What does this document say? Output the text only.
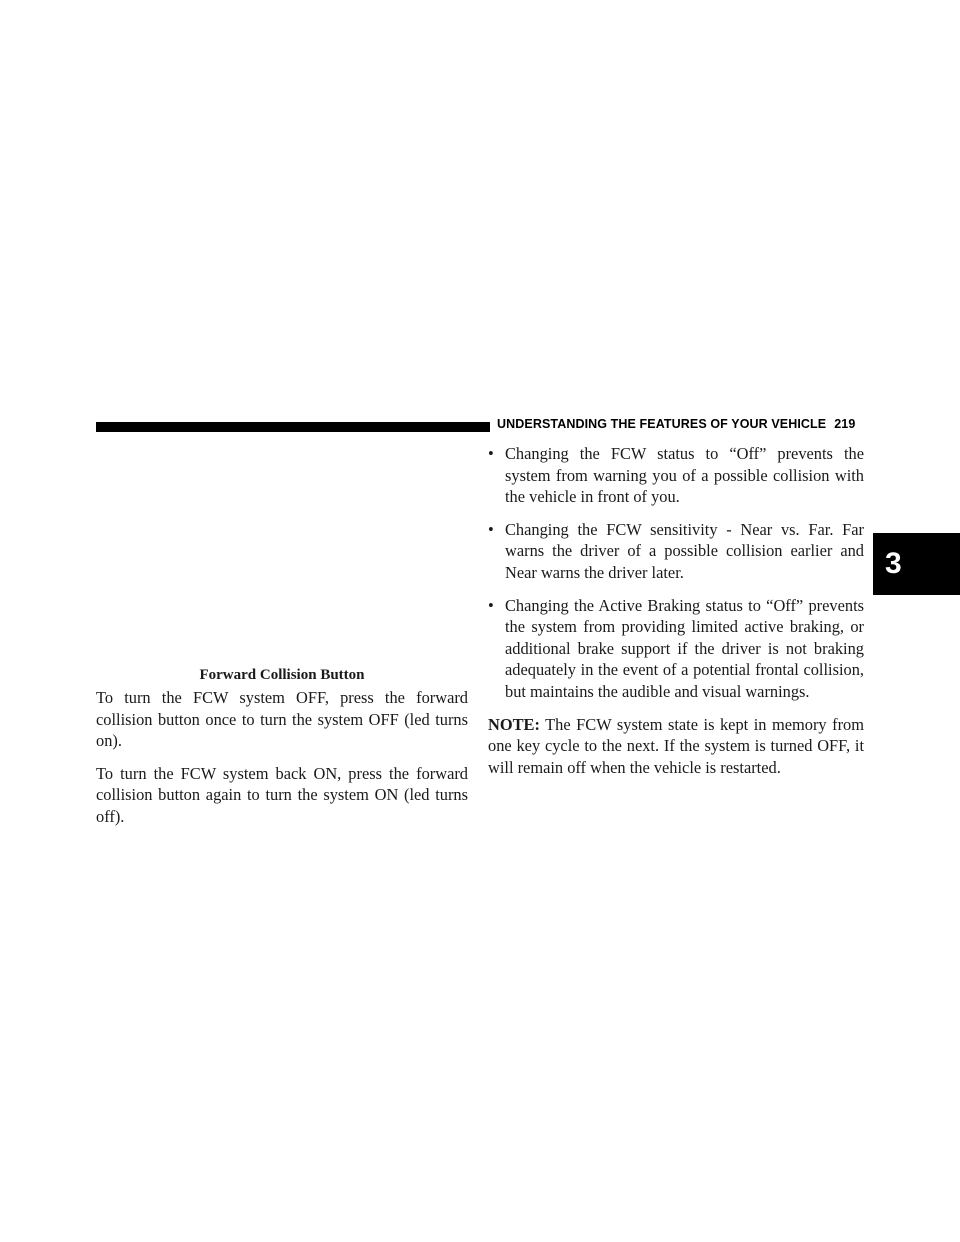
UNDERSTANDING THE FEATURES OF YOUR VEHICLE 219
3
Forward Collision Button

To turn the FCW system OFF, press the forward collision button once to turn the system OFF (led turns on).

To turn the FCW system back ON, press the forward collision button again to turn the system ON (led turns off).

• Changing the FCW status to “Off” prevents the system from warning you of a possible collision with the vehicle in front of you.

• Changing the FCW sensitivity - Near vs. Far. Far warns the driver of a possible collision earlier and Near warns the driver later.

• Changing the Active Braking status to “Off” prevents the system from providing limited active braking, or additional brake support if the driver is not braking adequately in the event of a potential frontal collision, but maintains the audible and visual warnings.

NOTE: The FCW system state is kept in memory from one key cycle to the next. If the system is turned OFF, it will remain off when the vehicle is restarted.
